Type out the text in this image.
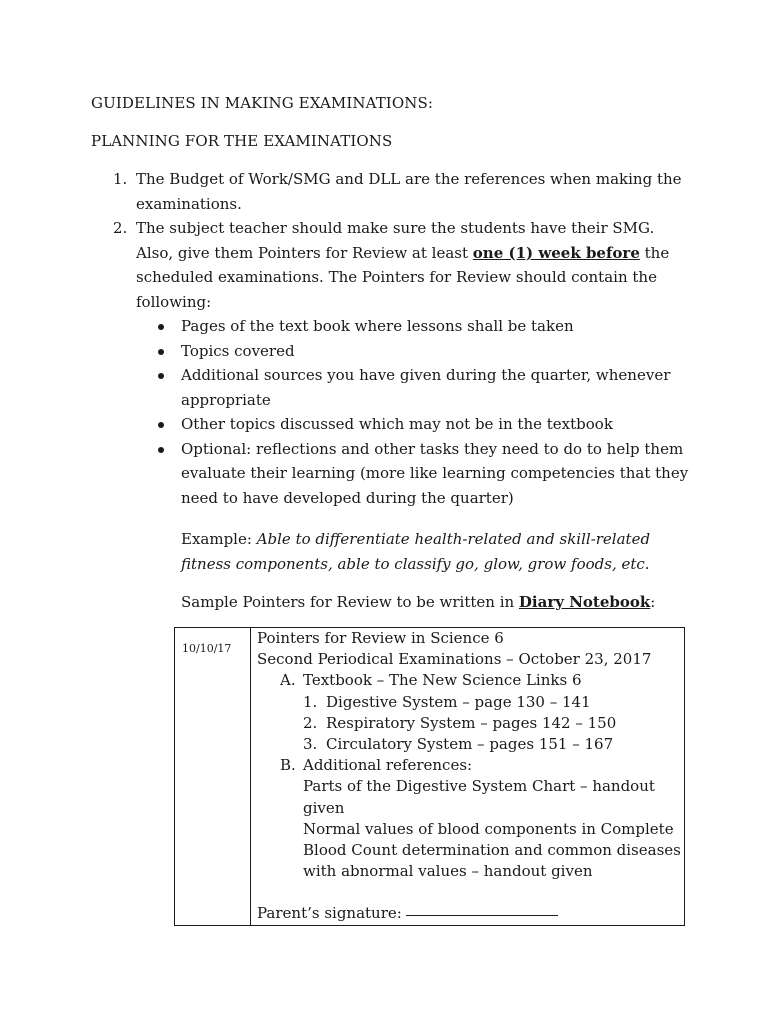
GUIDELINES IN MAKING EXAMINATIONS:

PLANNING FOR THE EXAMINATIONS

1. The Budget of Work/SMG and DLL are the references when making the examinations.
2. The subject teacher should make sure the students have their SMG. Also, give them Pointers for Review at least one (1) week before the scheduled examinations. The Pointers for Review should contain the following:
Pages of the text book where lessons shall be taken
Topics covered
Additional sources you have given during the quarter, whenever appropriate
Other topics discussed which may not be in the textbook
Optional: reflections and other tasks they need to do to help them evaluate their learning (more like learning competencies that they need to have developed during the quarter)

Example: Able to differentiate health-related and skill-related fitness components, able to classify go, glow, grow foods, etc.

Sample Pointers for Review to be written in Diary Notebook:

10/10/17	
Pointers for Review in Science 6
Second Periodical Examinations – October 23, 2017
A. Textbook – The New Science Links 6
1. Digestive System – page 130 – 141
2. Respiratory System – pages 142 – 150
3. Circulatory System – pages 151 – 167
B. Additional references:
Parts of the Digestive System Chart – handout
given
Normal values of blood components in Complete
Blood Count determination and common diseases
with abnormal values – handout given
Parent’s signature:
